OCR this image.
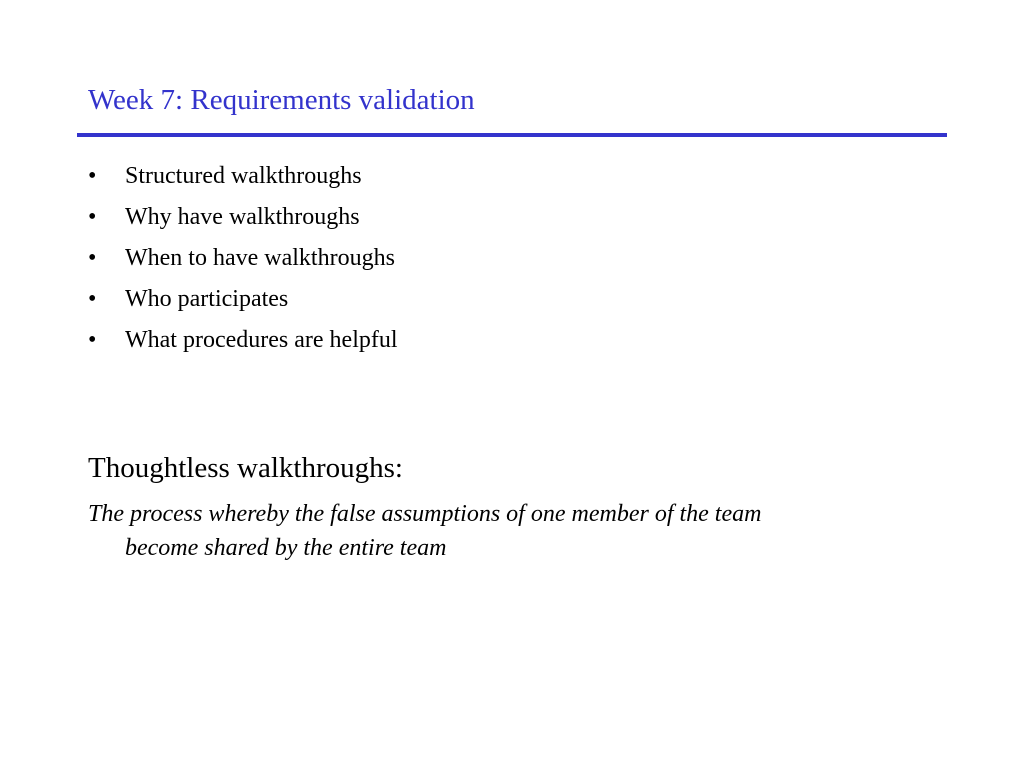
Week 7: Requirements validation
•	Structured walkthroughs
•	Why have walkthroughs
•	When to have walkthroughs
•	Who participates
•	What procedures are helpful
Thoughtless walkthroughs:
The process whereby the false assumptions of one member of the team
become shared by the entire team
